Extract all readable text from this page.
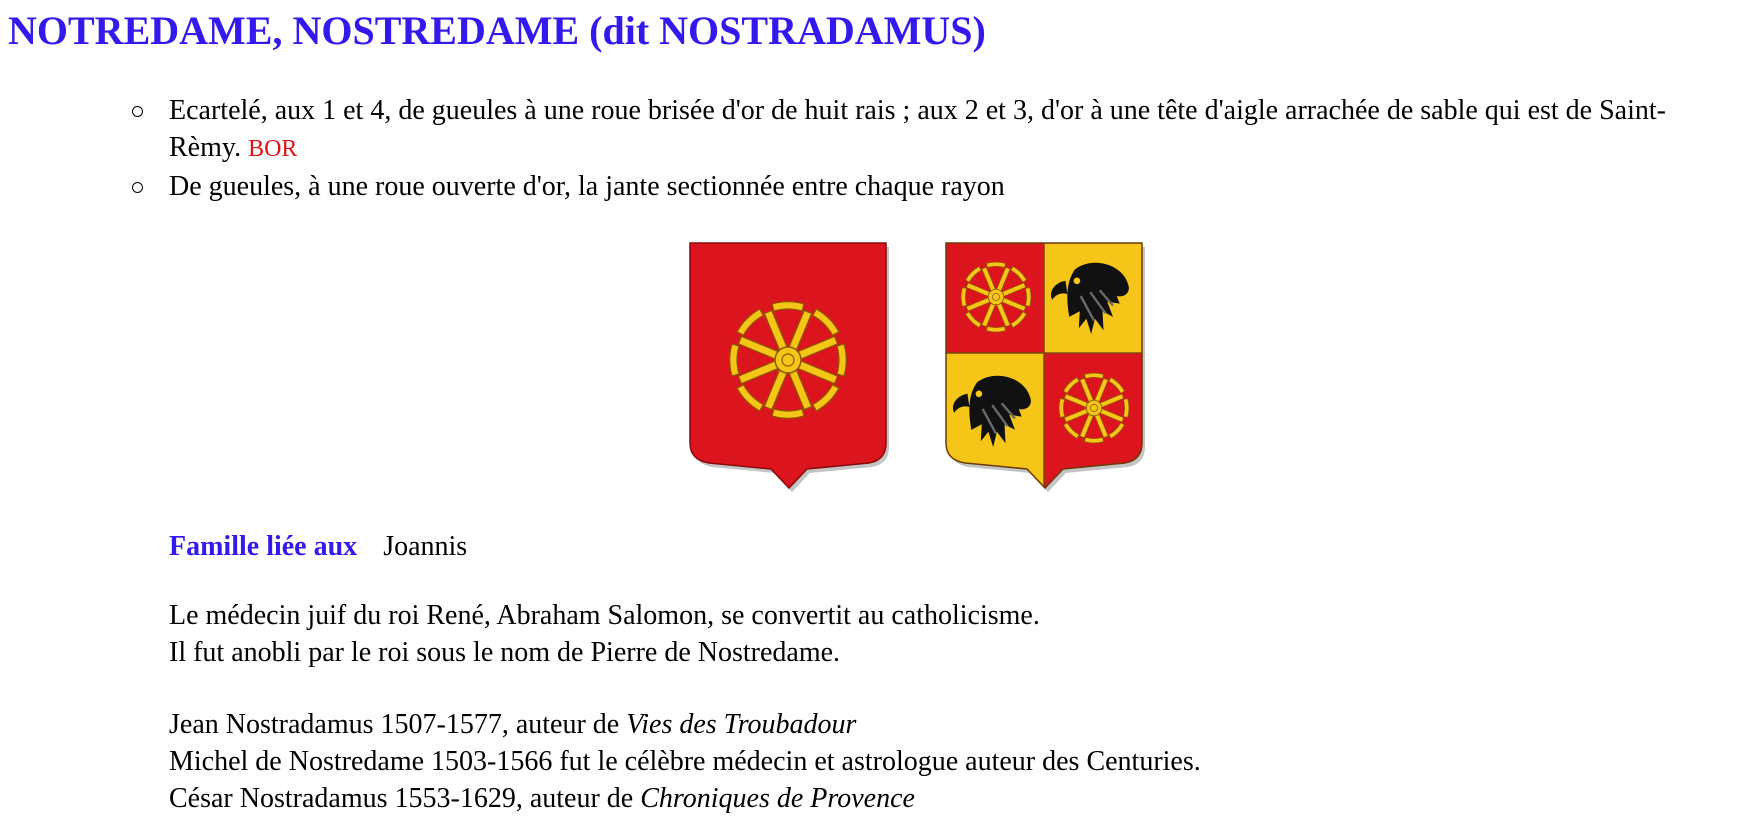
NOTREDAME, NOSTREDAME (dit NOSTRADAMUS)
Ecartelé, aux 1 et 4, de gueules à une roue brisée d'or de huit rais ; aux 2 et 3, d'or à une tête d'aigle arrachée de sable qui est de Saint-Rèmy. BOR
De gueules, à une roue ouverte d'or, la jante sectionnée entre chaque rayon

Famille liée aux Joannis

Le médecin juif du roi René, Abraham Salomon, se convertit au catholicisme.
Il fut anobli par le roi sous le nom de Pierre de Nostredame.

Jean Nostradamus 1507-1577, auteur de Vies des Troubadour
Michel de Nostredame 1503-1566 fut le célèbre médecin et astrologue auteur des Centuries.
César Nostradamus 1553-1629, auteur de Chroniques de Provence
